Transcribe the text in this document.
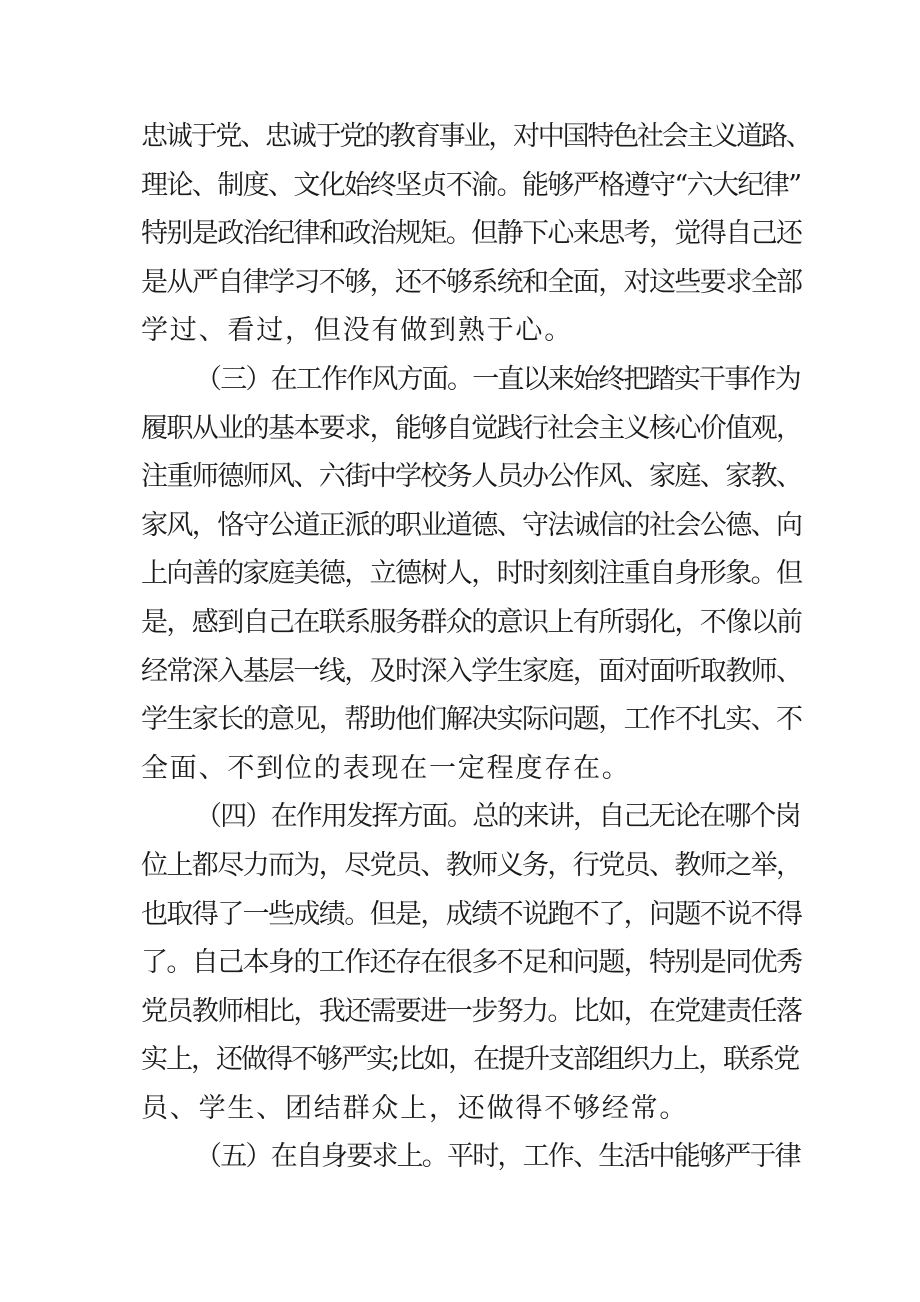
忠诚于党、忠诚于党的教育事业，对中国特色社会主义道路、
理论、制度、文化始终坚贞不渝。能够严格遵守“六大纪律”
特别是政治纪律和政治规矩。但静下心来思考，觉得自己还
是从严自律学习不够，还不够系统和全面，对这些要求全部
学过、看过，但没有做到熟于心。
（三）在工作作风方面。一直以来始终把踏实干事作为
履职从业的基本要求，能够自觉践行社会主义核心价值观，
注重师德师风、六街中学校务人员办公作风、家庭、家教、
家风，恪守公道正派的职业道德、守法诚信的社会公德、向
上向善的家庭美德，立德树人，时时刻刻注重自身形象。但
是，感到自己在联系服务群众的意识上有所弱化，不像以前
经常深入基层一线，及时深入学生家庭，面对面听取教师、
学生家长的意见，帮助他们解决实际问题，工作不扎实、不
全面、不到位的表现在一定程度存在。
（四）在作用发挥方面。总的来讲，自己无论在哪个岗
位上都尽力而为，尽党员、教师义务，行党员、教师之举，
也取得了一些成绩。但是，成绩不说跑不了，问题不说不得
了。自己本身的工作还存在很多不足和问题，特别是同优秀
党员教师相比，我还需要进一步努力。比如，在党建责任落
实上，还做得不够严实;比如，在提升支部组织力上，联系党
员、学生、团结群众上，还做得不够经常。
（五）在自身要求上。平时，工作、生活中能够严于律
